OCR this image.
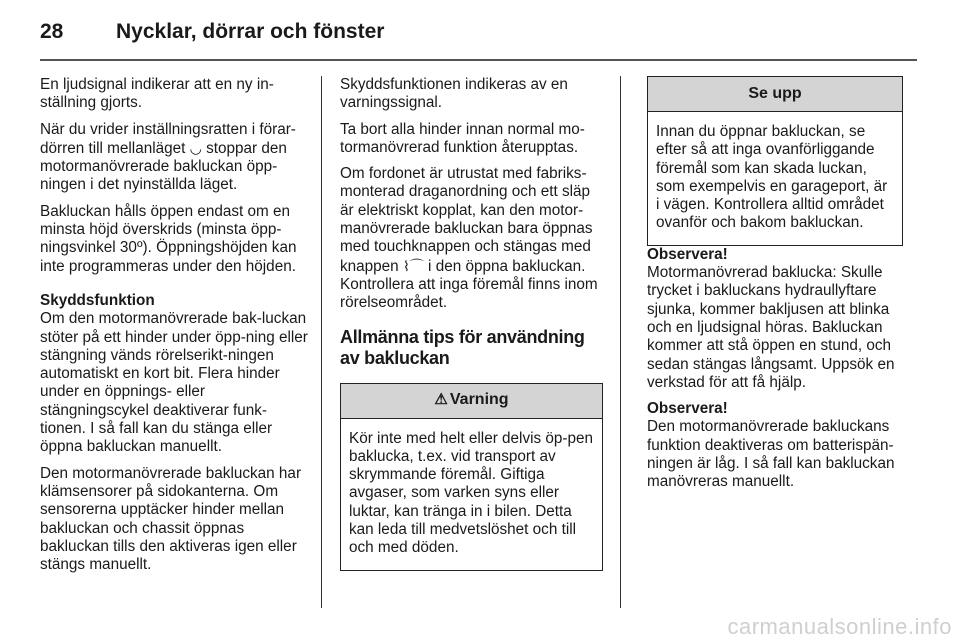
28	Nycklar, dörrar och fönster

En ljudsignal indikerar att en ny in-ställning gjorts.

När du vrider inställningsratten i förar-dörren till mellanläget ◡ stoppar den motormanövrerade bakluckan öpp-ningen i det nyinställda läget.

Bakluckan hålls öppen endast om en minsta höjd överskrids (minsta öpp-ningsvinkel 30º). Öppningshöjden kan inte programmeras under den höjden.

Skyddsfunktion
Om den motormanövrerade bak-luckan stöter på ett hinder under öpp-ning eller stängning vänds rörelserikt-ningen automatiskt en kort bit. Flera hinder under en öppnings- eller stängningscykel deaktiverar funk-tionen. I så fall kan du stänga eller öppna bakluckan manuellt.

Den motormanövrerade bakluckan har klämsensorer på sidokanterna. Om sensorerna upptäcker hinder mellan bakluckan och chassit öppnas bakluckan tills den aktiveras igen eller stängs manuellt.

Skyddsfunktionen indikeras av en varningssignal.

Ta bort alla hinder innan normal mo-tormanövrerad funktion återupptas.

Om fordonet är utrustat med fabriks-monterad draganordning och ett släp är elektriskt kopplat, kan den motor-manövrerade bakluckan bara öppnas med touchknappen och stängas med knappen ⌇⌒ i den öppna bakluckan. Kontrollera att inga föremål finns inom rörelseområdet.

Allmänna tips för användning av bakluckan
⚠ Varning
Kör inte med helt eller delvis öp-pen baklucka, t.ex. vid transport av skrymmande föremål. Giftiga avgaser, som varken syns eller luktar, kan tränga in i bilen. Detta kan leda till medvetslöshet och till och med döden.
Se upp
Innan du öppnar bakluckan, se efter så att inga ovanförliggande föremål som kan skada luckan, som exempelvis en garageport, är i vägen. Kontrollera alltid området ovanför och bakom bakluckan.

Observera!
Motormanövrerad baklucka: Skulle trycket i bakluckans hydraullyftare sjunka, kommer bakljusen att blinka och en ljudsignal höras. Bakluckan kommer att stå öppen en stund, och sedan stängas långsamt. Uppsök en verkstad för att få hjälp.

Observera!
Den motormanövrerade bakluckans funktion deaktiveras om batterispän-ningen är låg. I så fall kan bakluckan manövreras manuellt.

carmanualsonline.info
